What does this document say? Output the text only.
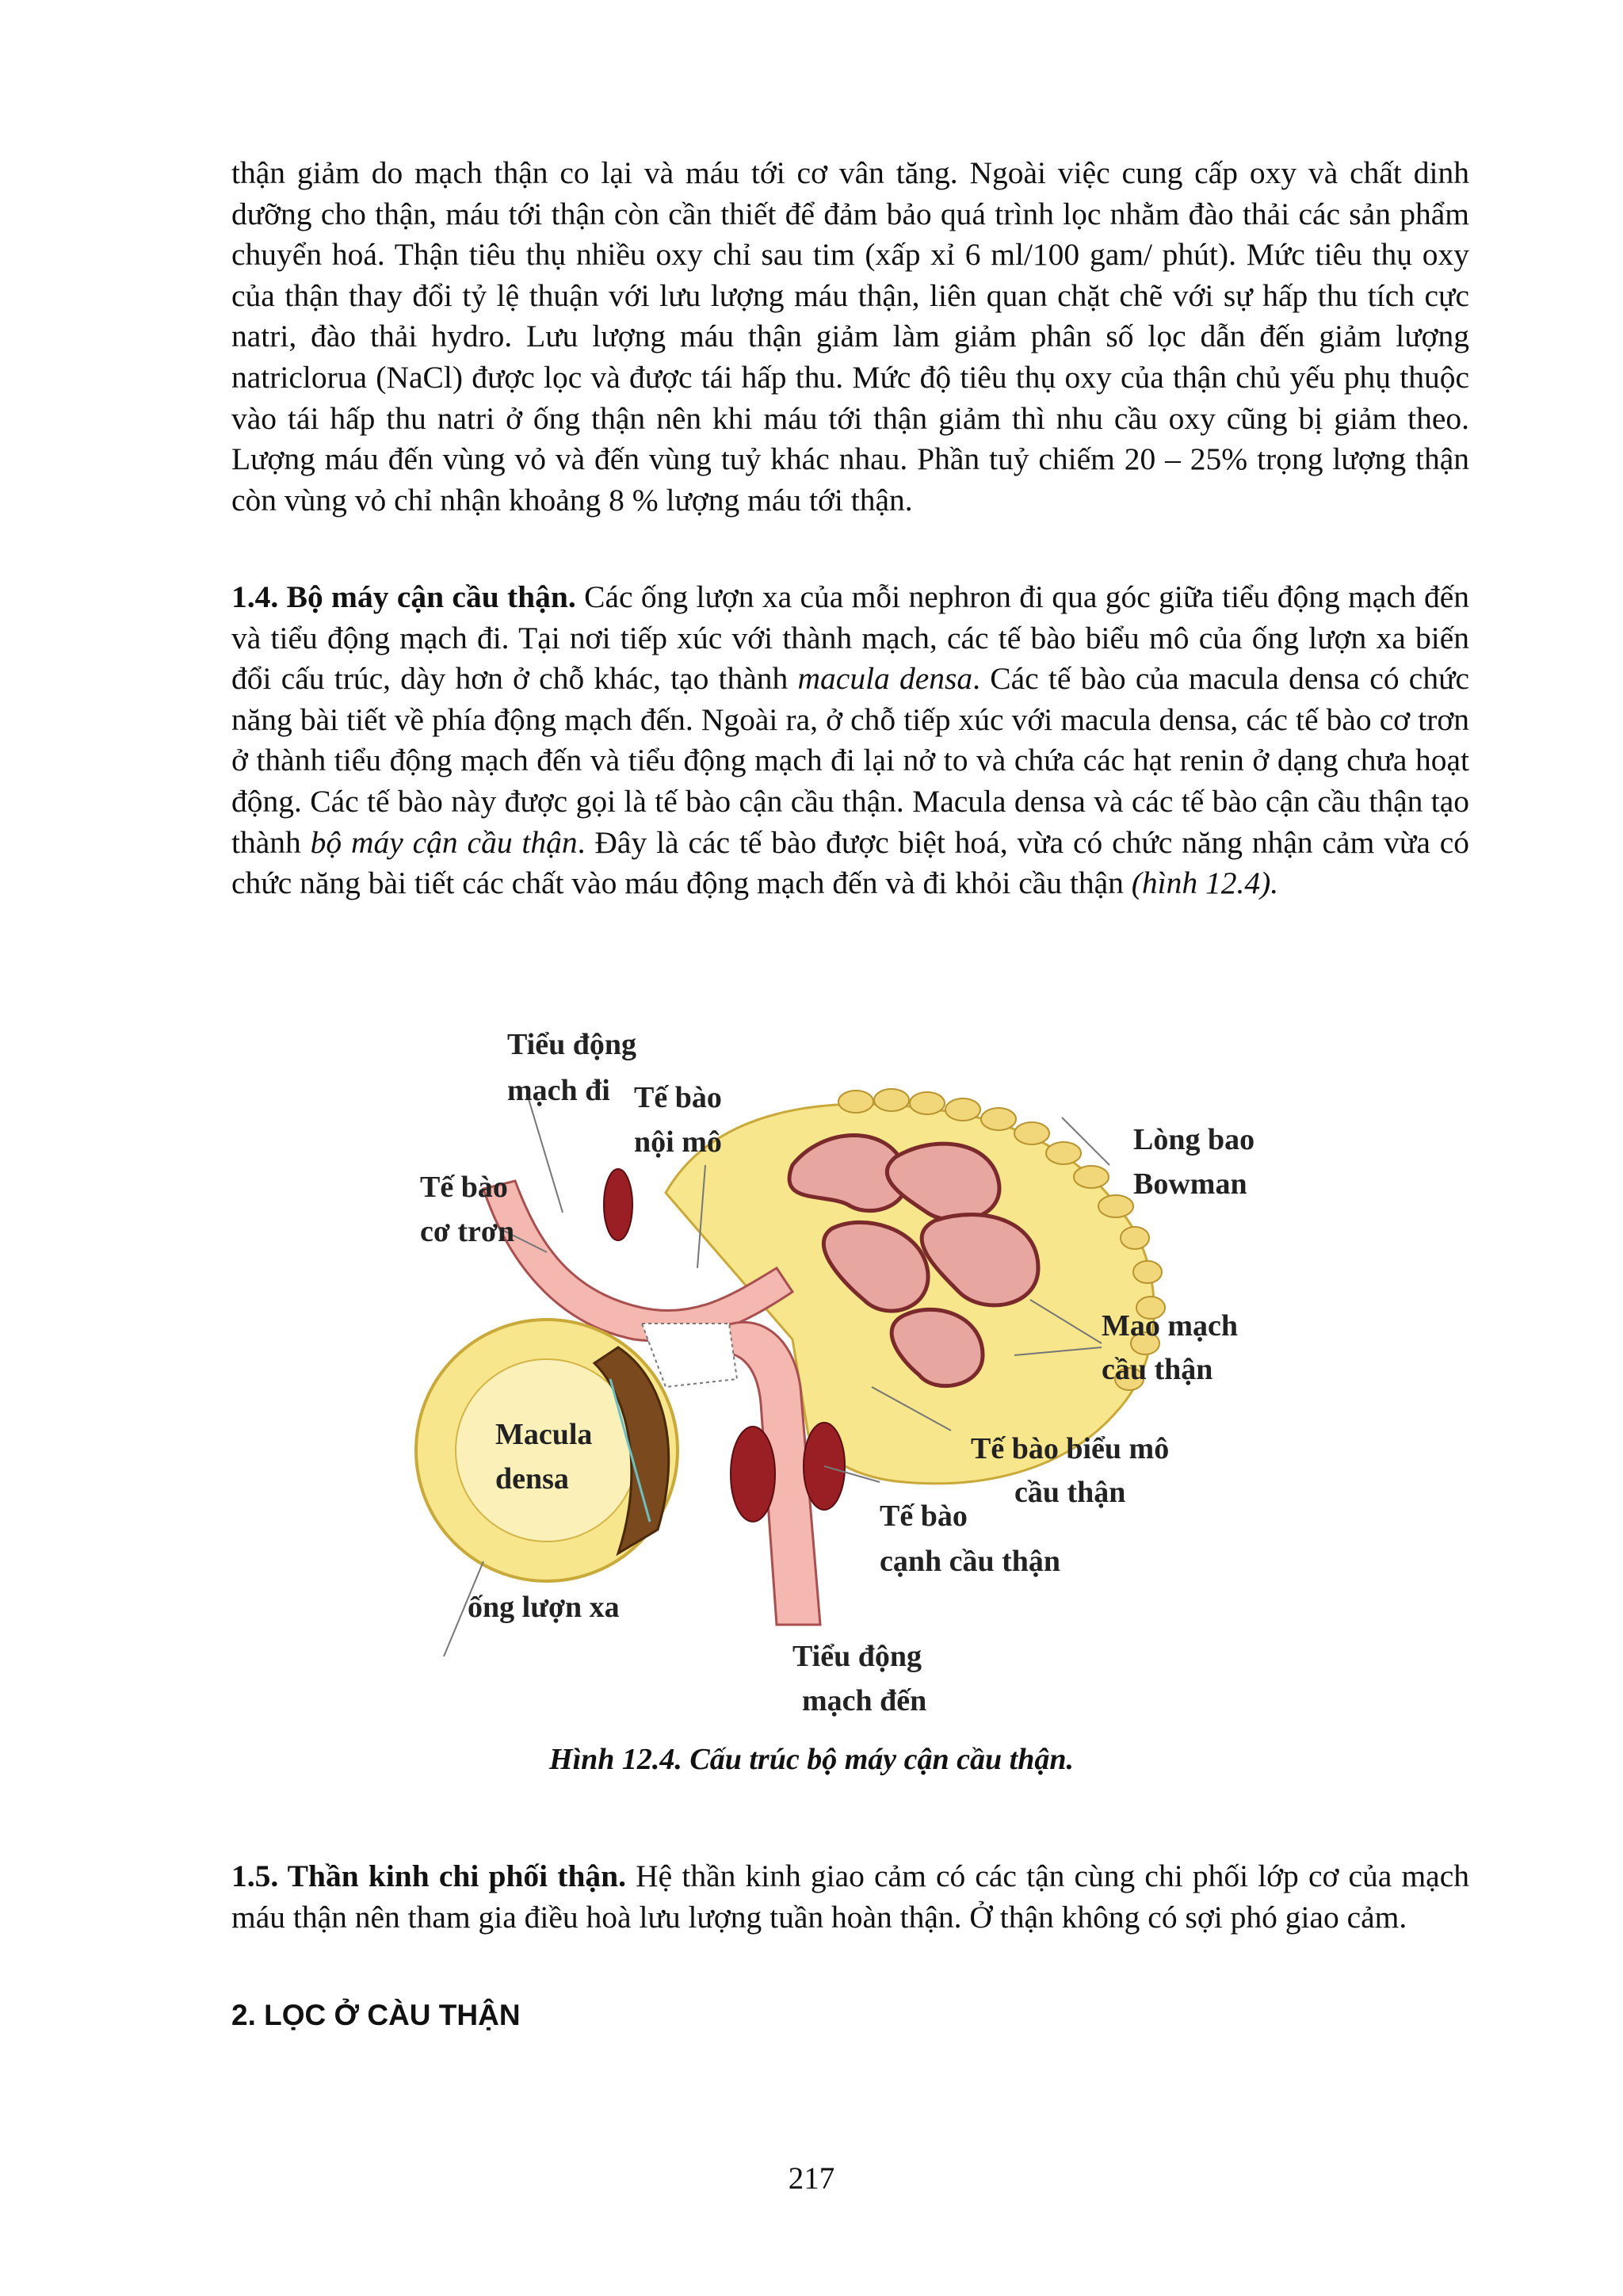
thận giảm do mạch thận co lại và máu tới cơ vân tăng. Ngoài việc cung cấp oxy và chất dinh dưỡng cho thận, máu tới thận còn cần thiết để đảm bảo quá trình lọc nhằm đào thải các sản phẩm chuyển hoá. Thận tiêu thụ nhiều oxy chỉ sau tim (xấp xỉ 6 ml/100 gam/ phút). Mức tiêu thụ oxy của thận thay đổi tỷ lệ thuận với lưu lượng máu thận, liên quan chặt chẽ với sự hấp thu tích cực natri, đào thải hydro. Lưu lượng máu thận giảm làm giảm phân số lọc dẫn đến giảm lượng natriclorua (NaCl) được lọc và được tái hấp thu. Mức độ tiêu thụ oxy của thận chủ yếu phụ thuộc vào tái hấp thu natri ở ống thận nên khi máu tới thận giảm thì nhu cầu oxy cũng bị giảm theo. Lượng máu đến vùng vỏ và đến vùng tuỷ khác nhau. Phần tuỷ chiếm 20 – 25% trọng lượng thận còn vùng vỏ chỉ nhận khoảng 8 % lượng máu tới thận.

1.4. Bộ máy cận cầu thận. Các ống lượn xa của mỗi nephron đi qua góc giữa tiểu động mạch đến và tiểu động mạch đi. Tại nơi tiếp xúc với thành mạch, các tế bào biểu mô của ống lượn xa biến đổi cấu trúc, dày hơn ở chỗ khác, tạo thành macula densa. Các tế bào của macula densa có chức năng bài tiết về phía động mạch đến. Ngoài ra, ở chỗ tiếp xúc với macula densa, các tế bào cơ trơn ở thành tiểu động mạch đến và tiểu động mạch đi lại nở to và chứa các hạt renin ở dạng chưa hoạt động. Các tế bào này được gọi là tế bào cận cầu thận. Macula densa và các tế bào cận cầu thận tạo thành bộ máy cận cầu thận. Đây là các tế bào được biệt hoá, vừa có chức năng nhận cảm vừa có chức năng bài tiết các chất vào máu động mạch đến và đi khỏi cầu thận (hình 12.4).

Tiểu động
mạch đi Tế bào
nội mô
Tế bào
cơ trơn
Lòng bao
Bowman
Mao mạch
cầu thận
Macula
densa
Tế bào biểu mô
cầu thận
Tế bào
cạnh cầu thận
ống lượn xa
Tiểu động
mạch đến
Hình 12.4. Cấu trúc bộ máy cận cầu thận.

1.5. Thần kinh chi phối thận. Hệ thần kinh giao cảm có các tận cùng chi phối lớp cơ của mạch máu thận nên tham gia điều hoà lưu lượng tuần hoàn thận. Ở thận không có sợi phó giao cảm.

2. LỌC Ở CÀU THẬN
217
